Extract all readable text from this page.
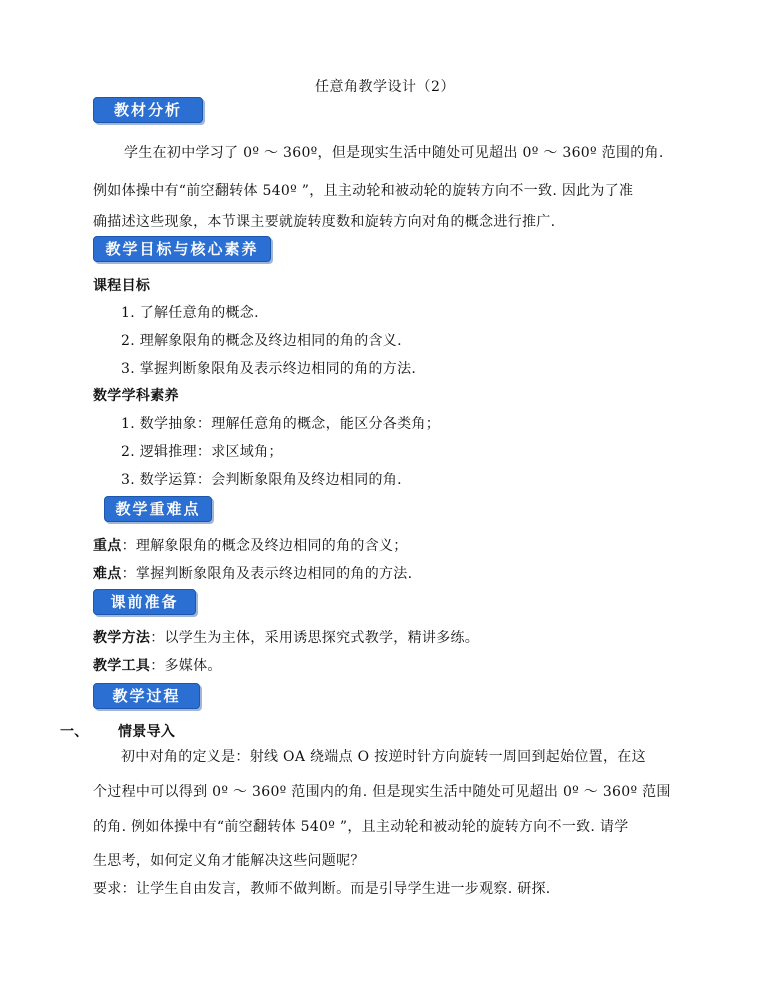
任意角教学设计（2）
教材分析
学生在初中学习了 0º ～ 360º，但是现实生活中随处可见超出 0º ～ 360º 范围的角.
例如体操中有“前空翻转体 540º ”，且主动轮和被动轮的旋转方向不一致. 因此为了准
确描述这些现象，本节课主要就旋转度数和旋转方向对角的概念进行推广.
教学目标与核心素养
课程目标
1. 了解任意角的概念.
2. 理解象限角的概念及终边相同的角的含义.
3. 掌握判断象限角及表示终边相同的角的方法.
数学学科素养
1. 数学抽象：理解任意角的概念，能区分各类角；
2. 逻辑推理：求区域角；
3. 数学运算：会判断象限角及终边相同的角.
教学重难点
重点：理解象限角的概念及终边相同的角的含义；
难点：掌握判断象限角及表示终边相同的角的方法.
课前准备
教学方法：以学生为主体，采用诱思探究式教学，精讲多练。
教学工具：多媒体。
教学过程
一、 情景导入
初中对角的定义是：射线 OA 绕端点 O 按逆时针方向旋转一周回到起始位置，在这
个过程中可以得到 0º ～ 360º 范围内的角. 但是现实生活中随处可见超出 0º ～ 360º 范围
的角. 例如体操中有“前空翻转体 540º ”，且主动轮和被动轮的旋转方向不一致. 请学
生思考，如何定义角才能解决这些问题呢？
要求：让学生自由发言，教师不做判断。而是引导学生进一步观察. 研探.
